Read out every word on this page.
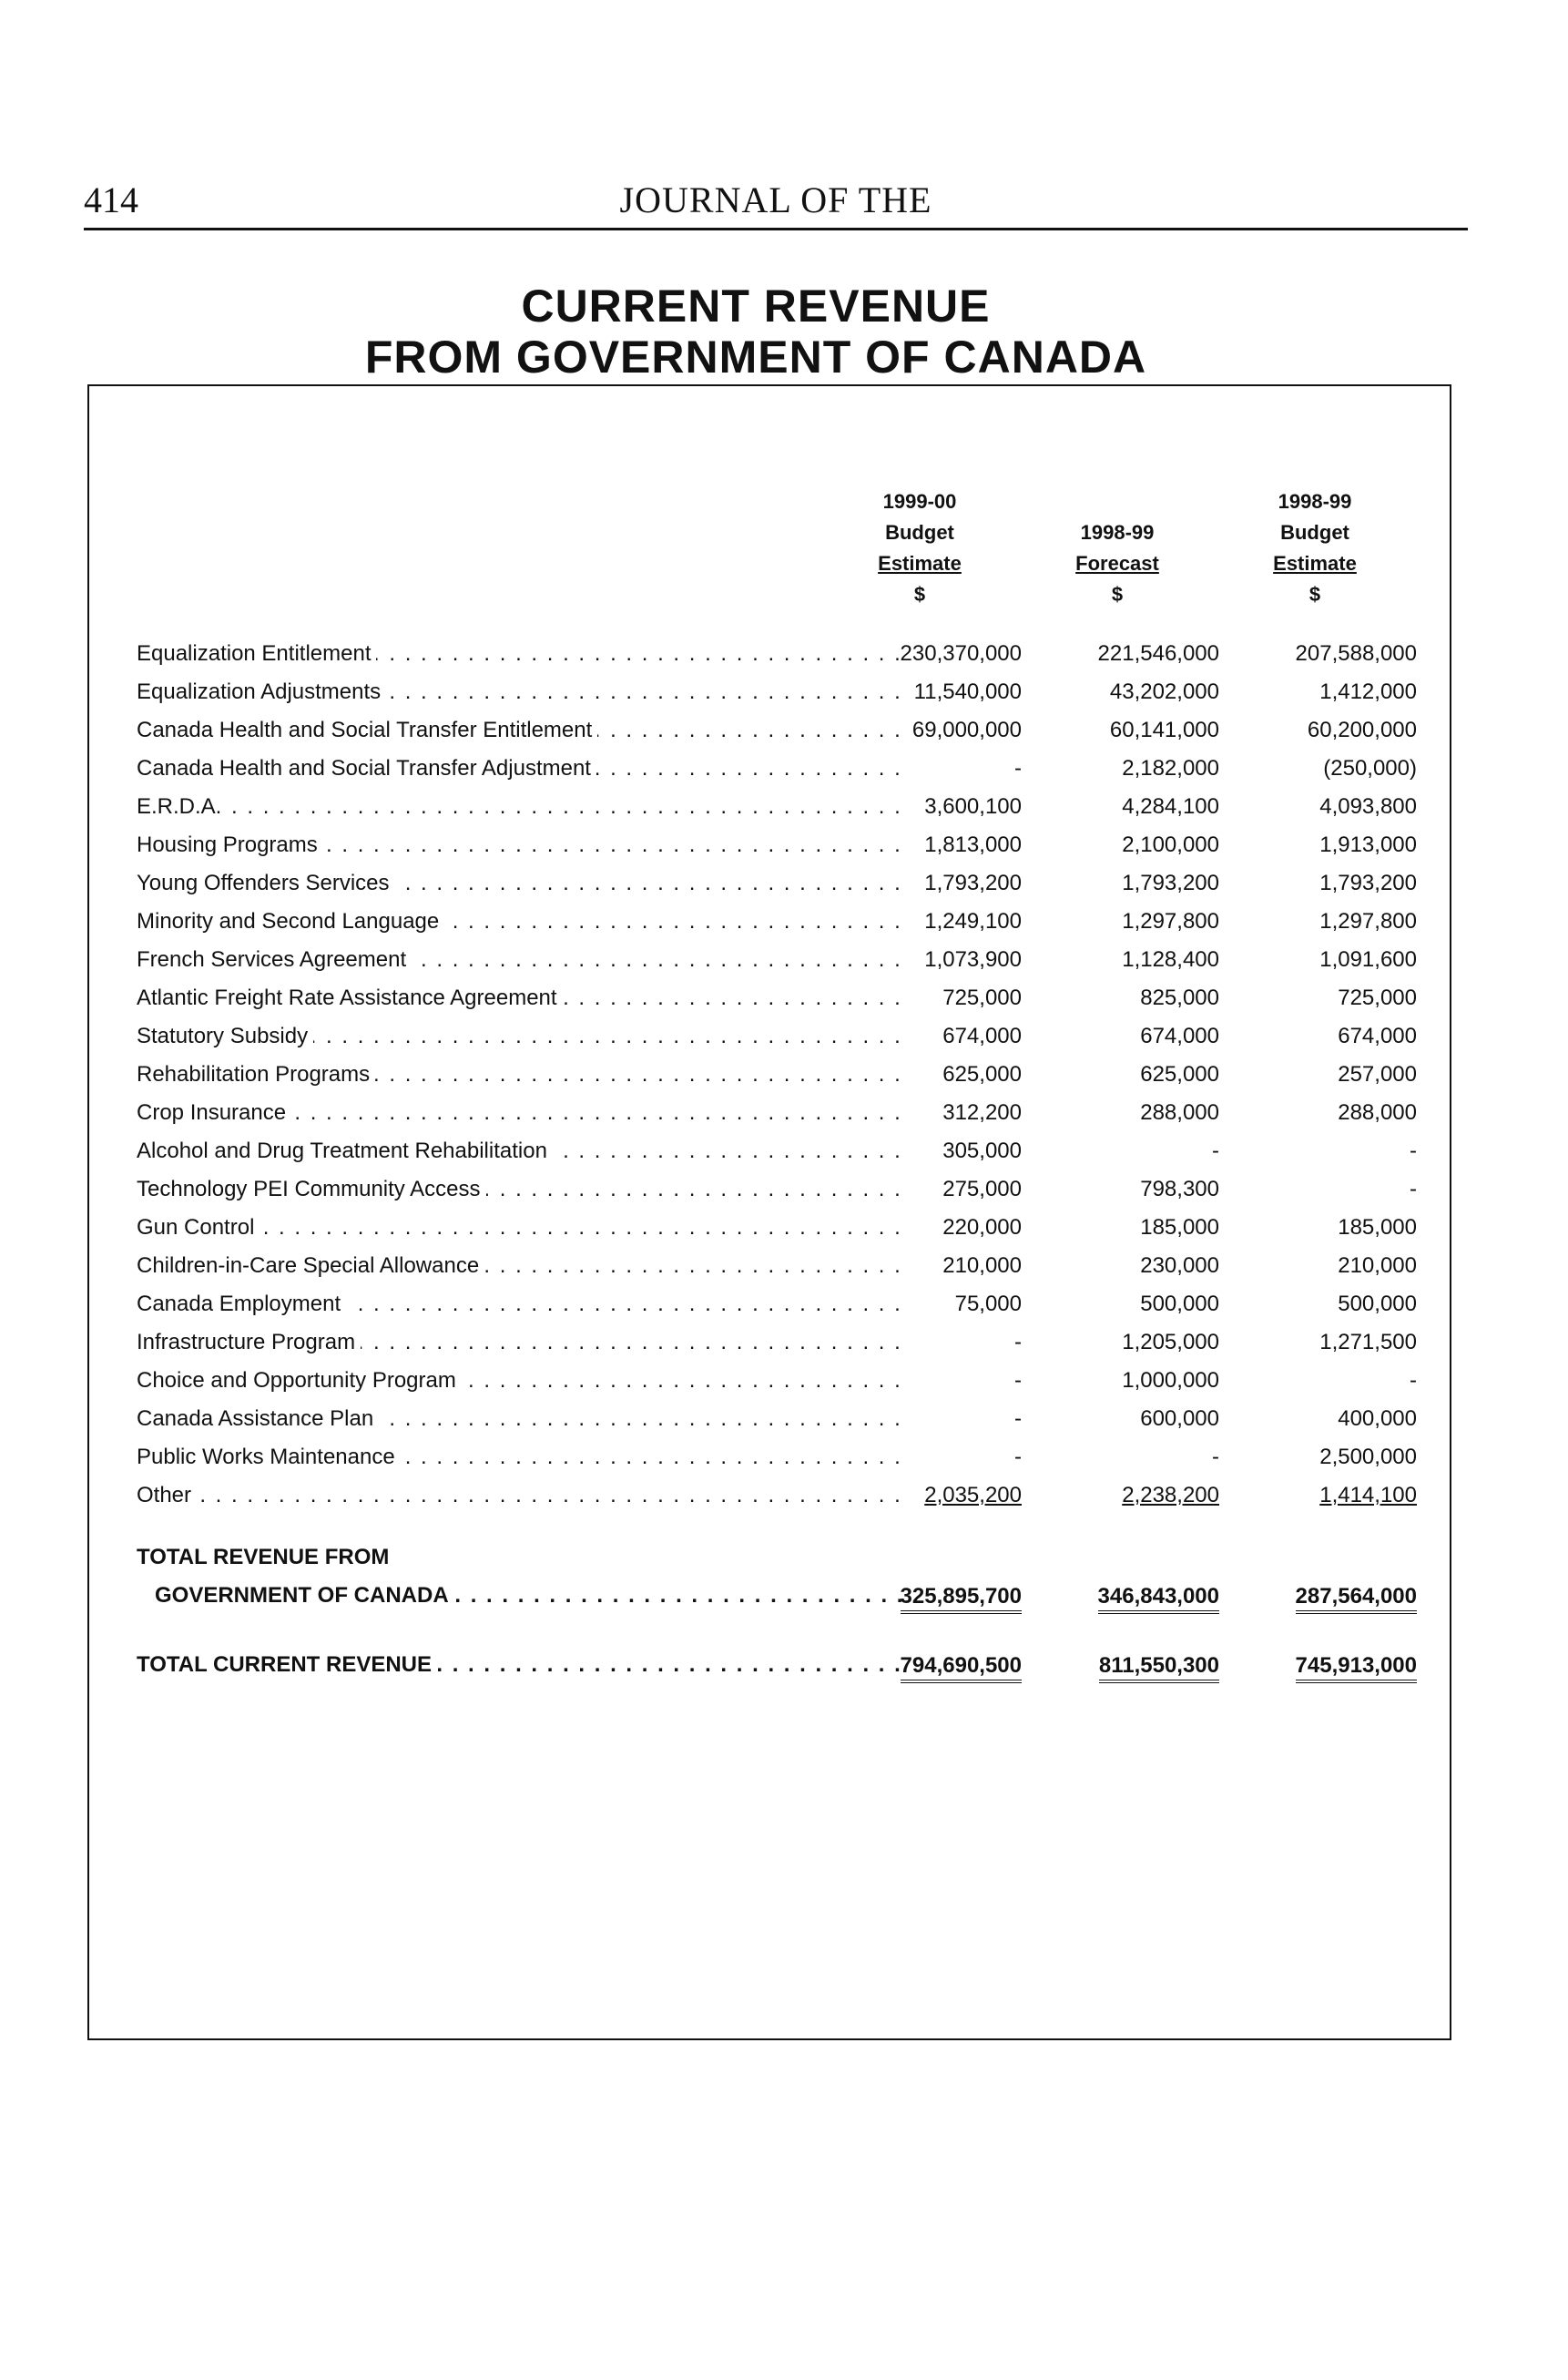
414	JOURNAL OF THE
CURRENT REVENUE
FROM GOVERNMENT OF CANADA
1999-00
Budget
Estimate
$
1998-99
Forecast
$
1998-99
Budget
Estimate
$
Equalization Entitlement . . .	230,370,000	221,546,000	207,588,000
Equalization Adjustments . . .	11,540,000	43,202,000	1,412,000
Canada Health and Social Transfer Entitlement . . .	69,000,000	60,141,000	60,200,000
Canada Health and Social Transfer Adjustment . . .	-	2,182,000	(250,000)
E.R.D.A. . . .	3,600,100	4,284,100	4,093,800
Housing Programs . . .	1,813,000	2,100,000	1,913,000
Young Offenders Services . . .	1,793,200	1,793,200	1,793,200
Minority and Second Language . . .	1,249,100	1,297,800	1,297,800
French Services Agreement . . .	1,073,900	1,128,400	1,091,600
Atlantic Freight Rate Assistance Agreement . . .	725,000	825,000	725,000
Statutory Subsidy . . .	674,000	674,000	674,000
Rehabilitation Programs . . .	625,000	625,000	257,000
Crop Insurance . . .	312,200	288,000	288,000
Alcohol and Drug Treatment Rehabilitation . . .	305,000	-	-
Technology PEI Community Access . . .	275,000	798,300	-
Gun Control . . .	220,000	185,000	185,000
Children-in-Care Special Allowance . . .	210,000	230,000	210,000
Canada Employment . . .	75,000	500,000	500,000
Infrastructure Program . . .	-	1,205,000	1,271,500
Choice and Opportunity Program . . .	-	1,000,000	-
Canada Assistance Plan . . .	-	600,000	400,000
Public Works Maintenance . . .	-	-	2,500,000
Other . . .	2,035,200	2,238,200	1,414,100
TOTAL REVENUE FROM
GOVERNMENT OF CANADA . . .	325,895,700	346,843,000	287,564,000
TOTAL CURRENT REVENUE . . .	794,690,500	811,550,300	745,913,000
